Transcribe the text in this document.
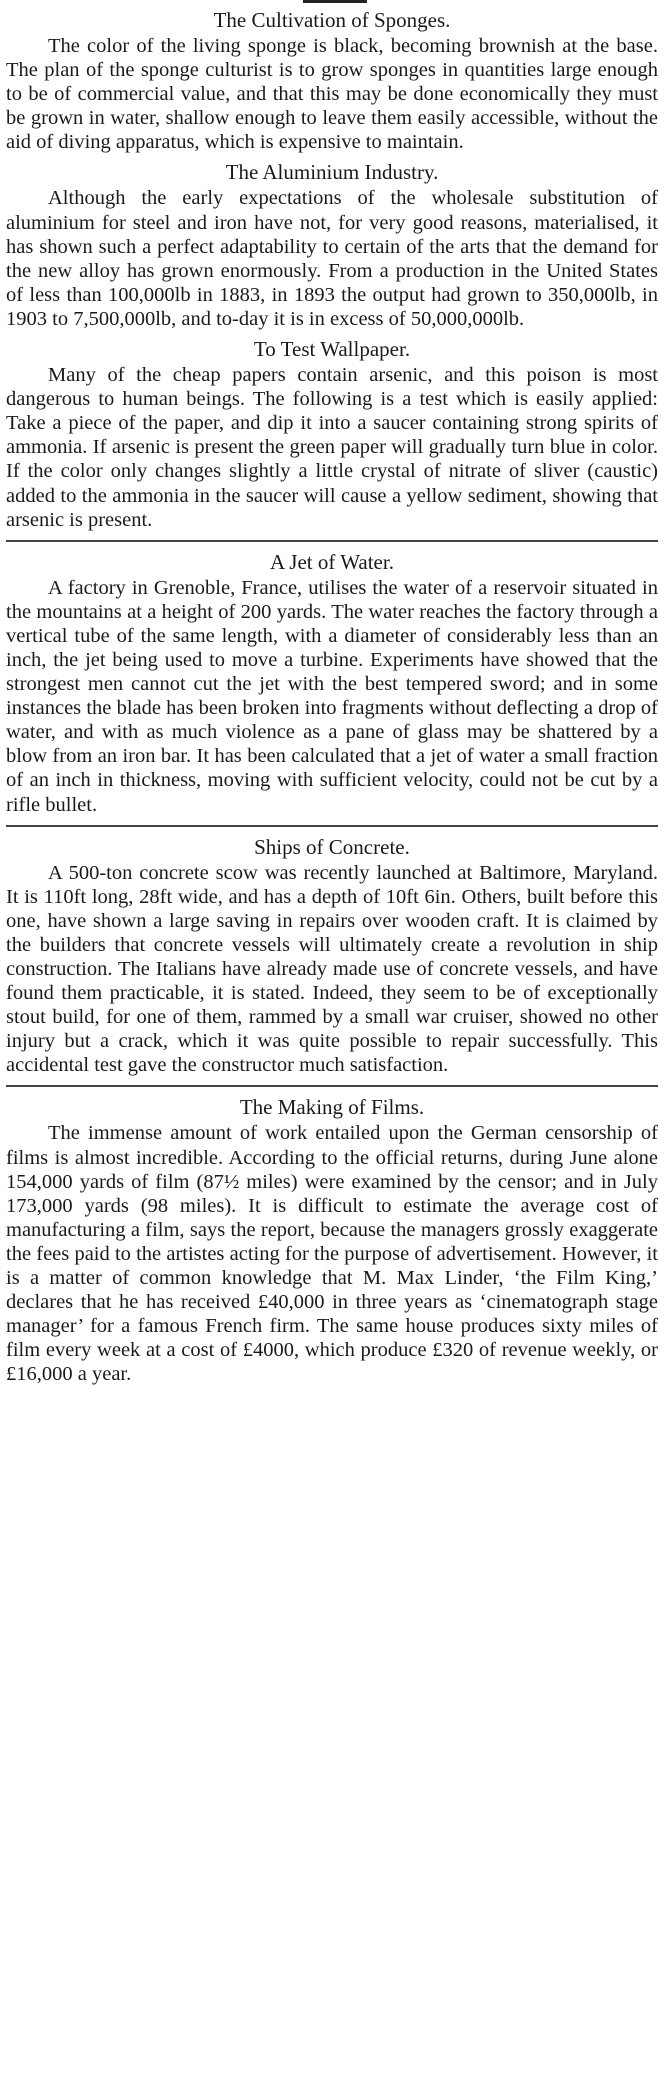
The Cultivation of Sponges.

The color of the living sponge is black, becoming brownish at the base. The plan of the sponge culturist is to grow sponges in quantities large enough to be of commercial value, and that this may be done economically they must be grown in water, shallow enough to leave them easily accessible, without the aid of diving apparatus, which is expensive to maintain.

The Aluminium Industry.

Although the early expectations of the wholesale substitution of aluminium for steel and iron have not, for very good reasons, materialised, it has shown such a perfect adaptability to certain of the arts that the demand for the new alloy has grown enormously. From a production in the United States of less than 100,000lb in 1883, in 1893 the output had grown to 350,000lb, in 1903 to 7,500,000lb, and to-day it is in excess of 50,000,000lb.

To Test Wallpaper.

Many of the cheap papers contain arsenic, and this poison is most dangerous to human beings. The following is a test which is easily applied: Take a piece of the paper, and dip it into a saucer containing strong spirits of ammonia. If arsenic is present the green paper will gradually turn blue in color. If the color only changes slightly a little crystal of nitrate of sliver (caustic) added to the ammonia in the saucer will cause a yellow sediment, showing that arsenic is present.

A Jet of Water.

A factory in Grenoble, France, utilises the water of a reservoir situated in the mountains at a height of 200 yards. The water reaches the factory through a vertical tube of the same length, with a diameter of considerably less than an inch, the jet being used to move a turbine. Experiments have showed that the strongest men cannot cut the jet with the best tempered sword; and in some instances the blade has been broken into fragments without deflecting a drop of water, and with as much violence as a pane of glass may be shattered by a blow from an iron bar. It has been calculated that a jet of water a small fraction of an inch in thickness, moving with sufficient velocity, could not be cut by a rifle bullet.

Ships of Concrete.

A 500-ton concrete scow was recently launched at Baltimore, Maryland. It is 110ft long, 28ft wide, and has a depth of 10ft 6in. Others, built before this one, have shown a large saving in repairs over wooden craft. It is claimed by the builders that concrete vessels will ultimately create a revolution in ship construction. The Italians have already made use of concrete vessels, and have found them practicable, it is stated. Indeed, they seem to be of exceptionally stout build, for one of them, rammed by a small war cruiser, showed no other injury but a crack, which it was quite possible to repair successfully. This accidental test gave the constructor much satisfaction.

The Making of Films.

The immense amount of work entailed upon the German censorship of films is almost incredible. According to the official returns, during June alone 154,000 yards of film (87½ miles) were examined by the censor; and in July 173,000 yards (98 miles). It is difficult to estimate the average cost of manufacturing a film, says the report, because the managers grossly exaggerate the fees paid to the artistes acting for the purpose of advertisement. However, it is a matter of common knowledge that M. Max Linder, ‘the Film King,’ declares that he has received £40,000 in three years as ‘cinematograph stage manager’ for a famous French firm. The same house produces sixty miles of film every week at a cost of £4000, which produce £320 of revenue weekly, or £16,000 a year.
